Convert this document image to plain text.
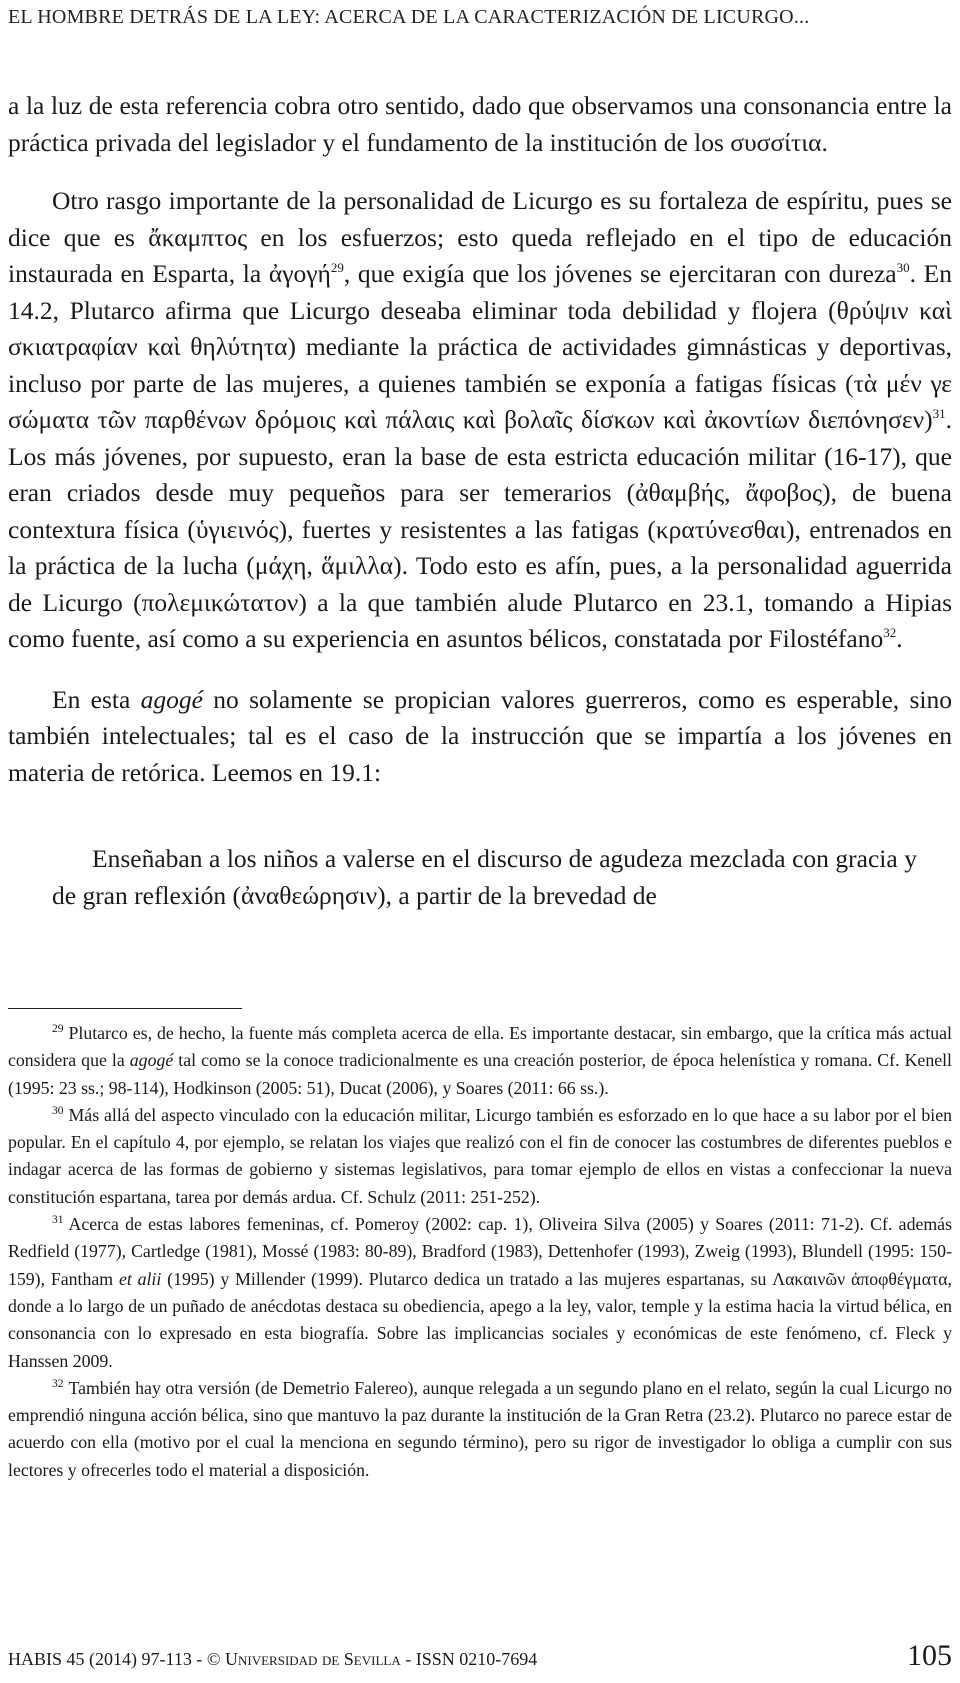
EL HOMBRE DETRÁS DE LA LEY: ACERCA DE LA CARACTERIZACIÓN DE LICURGO...

a la luz de esta referencia cobra otro sentido, dado que observamos una consonancia entre la práctica privada del legislador y el fundamento de la institución de los συσσίτια.

Otro rasgo importante de la personalidad de Licurgo es su fortaleza de espíritu, pues se dice que es ἄκαμπτος en los esfuerzos; esto queda reflejado en el tipo de educación instaurada en Esparta, la ἀγογή$^{29}$, que exigía que los jóvenes se ejercitaran con dureza$^{30}$. En 14.2, Plutarco afirma que Licurgo deseaba eliminar toda debilidad y flojera (θρύψιν καὶ σκιατραφίαν καὶ θηλύτητα) mediante la práctica de actividades gimnásticas y deportivas, incluso por parte de las mujeres, a quienes también se exponía a fatigas físicas (τὰ μέν γε σώματα τῶν παρθένων δρόμοις καὶ πάλαις καὶ βολαῖς δίσκων καὶ ἀκοντίων διεπόνησεν)$^{31}$. Los más jóvenes, por supuesto, eran la base de esta estricta educación militar (16-17), que eran criados desde muy pequeños para ser temerarios (ἀθαμβής, ἄφοβος), de buena contextura física (ὑγιεινός), fuertes y resistentes a las fatigas (κρατύνεσθαι), entrenados en la práctica de la lucha (μάχη, ἅμιλλα). Todo esto es afín, pues, a la personalidad aguerrida de Licurgo (πολεμικώτατον) a la que también alude Plutarco en 23.1, tomando a Hipias como fuente, así como a su experiencia en asuntos bélicos, constatada por Filostéfano$^{32}$.

En esta agogé no solamente se propician valores guerreros, como es esperable, sino también intelectuales; tal es el caso de la instrucción que se impartía a los jóvenes en materia de retórica. Leemos en 19.1:

Enseñaban a los niños a valerse en el discurso de agudeza mezclada con gracia y de gran reflexión (ἀναθεώρησιν), a partir de la brevedad de

$^{29}$ Plutarco es, de hecho, la fuente más completa acerca de ella. Es importante destacar, sin embargo, que la crítica más actual considera que la agogé tal como se la conoce tradicionalmente es una creación posterior, de época helenística y romana. Cf. Kenell (1995: 23 ss.; 98-114), Hodkinson (2005: 51), Ducat (2006), y Soares (2011: 66 ss.).

$^{30}$ Más allá del aspecto vinculado con la educación militar, Licurgo también es esforzado en lo que hace a su labor por el bien popular. En el capítulo 4, por ejemplo, se relatan los viajes que realizó con el fin de conocer las costumbres de diferentes pueblos e indagar acerca de las formas de gobierno y sistemas legislativos, para tomar ejemplo de ellos en vistas a confeccionar la nueva constitución espartana, tarea por demás ardua. Cf. Schulz (2011: 251-252).

$^{31}$ Acerca de estas labores femeninas, cf. Pomeroy (2002: cap. 1), Oliveira Silva (2005) y Soares (2011: 71-2). Cf. además Redfield (1977), Cartledge (1981), Mossé (1983: 80-89), Bradford (1983), Dettenhofer (1993), Zweig (1993), Blundell (1995: 150-159), Fantham et alii (1995) y Millender (1999). Plutarco dedica un tratado a las mujeres espartanas, su Λακαινῶν ἀποφθέγματα, donde a lo largo de un puñado de anécdotas destaca su obediencia, apego a la ley, valor, temple y la estima hacia la virtud bélica, en consonancia con lo expresado en esta biografía. Sobre las implicancias sociales y económicas de este fenómeno, cf. Fleck y Hanssen 2009.

$^{32}$ También hay otra versión (de Demetrio Falereo), aunque relegada a un segundo plano en el relato, según la cual Licurgo no emprendió ninguna acción bélica, sino que mantuvo la paz durante la institución de la Gran Retra (23.2). Plutarco no parece estar de acuerdo con ella (motivo por el cual la menciona en segundo término), pero su rigor de investigador lo obliga a cumplir con sus lectores y ofrecerles todo el material a disposición.

HABIS 45 (2014) 97-113 - © Universidad de Sevilla - ISSN 0210-7694	105
